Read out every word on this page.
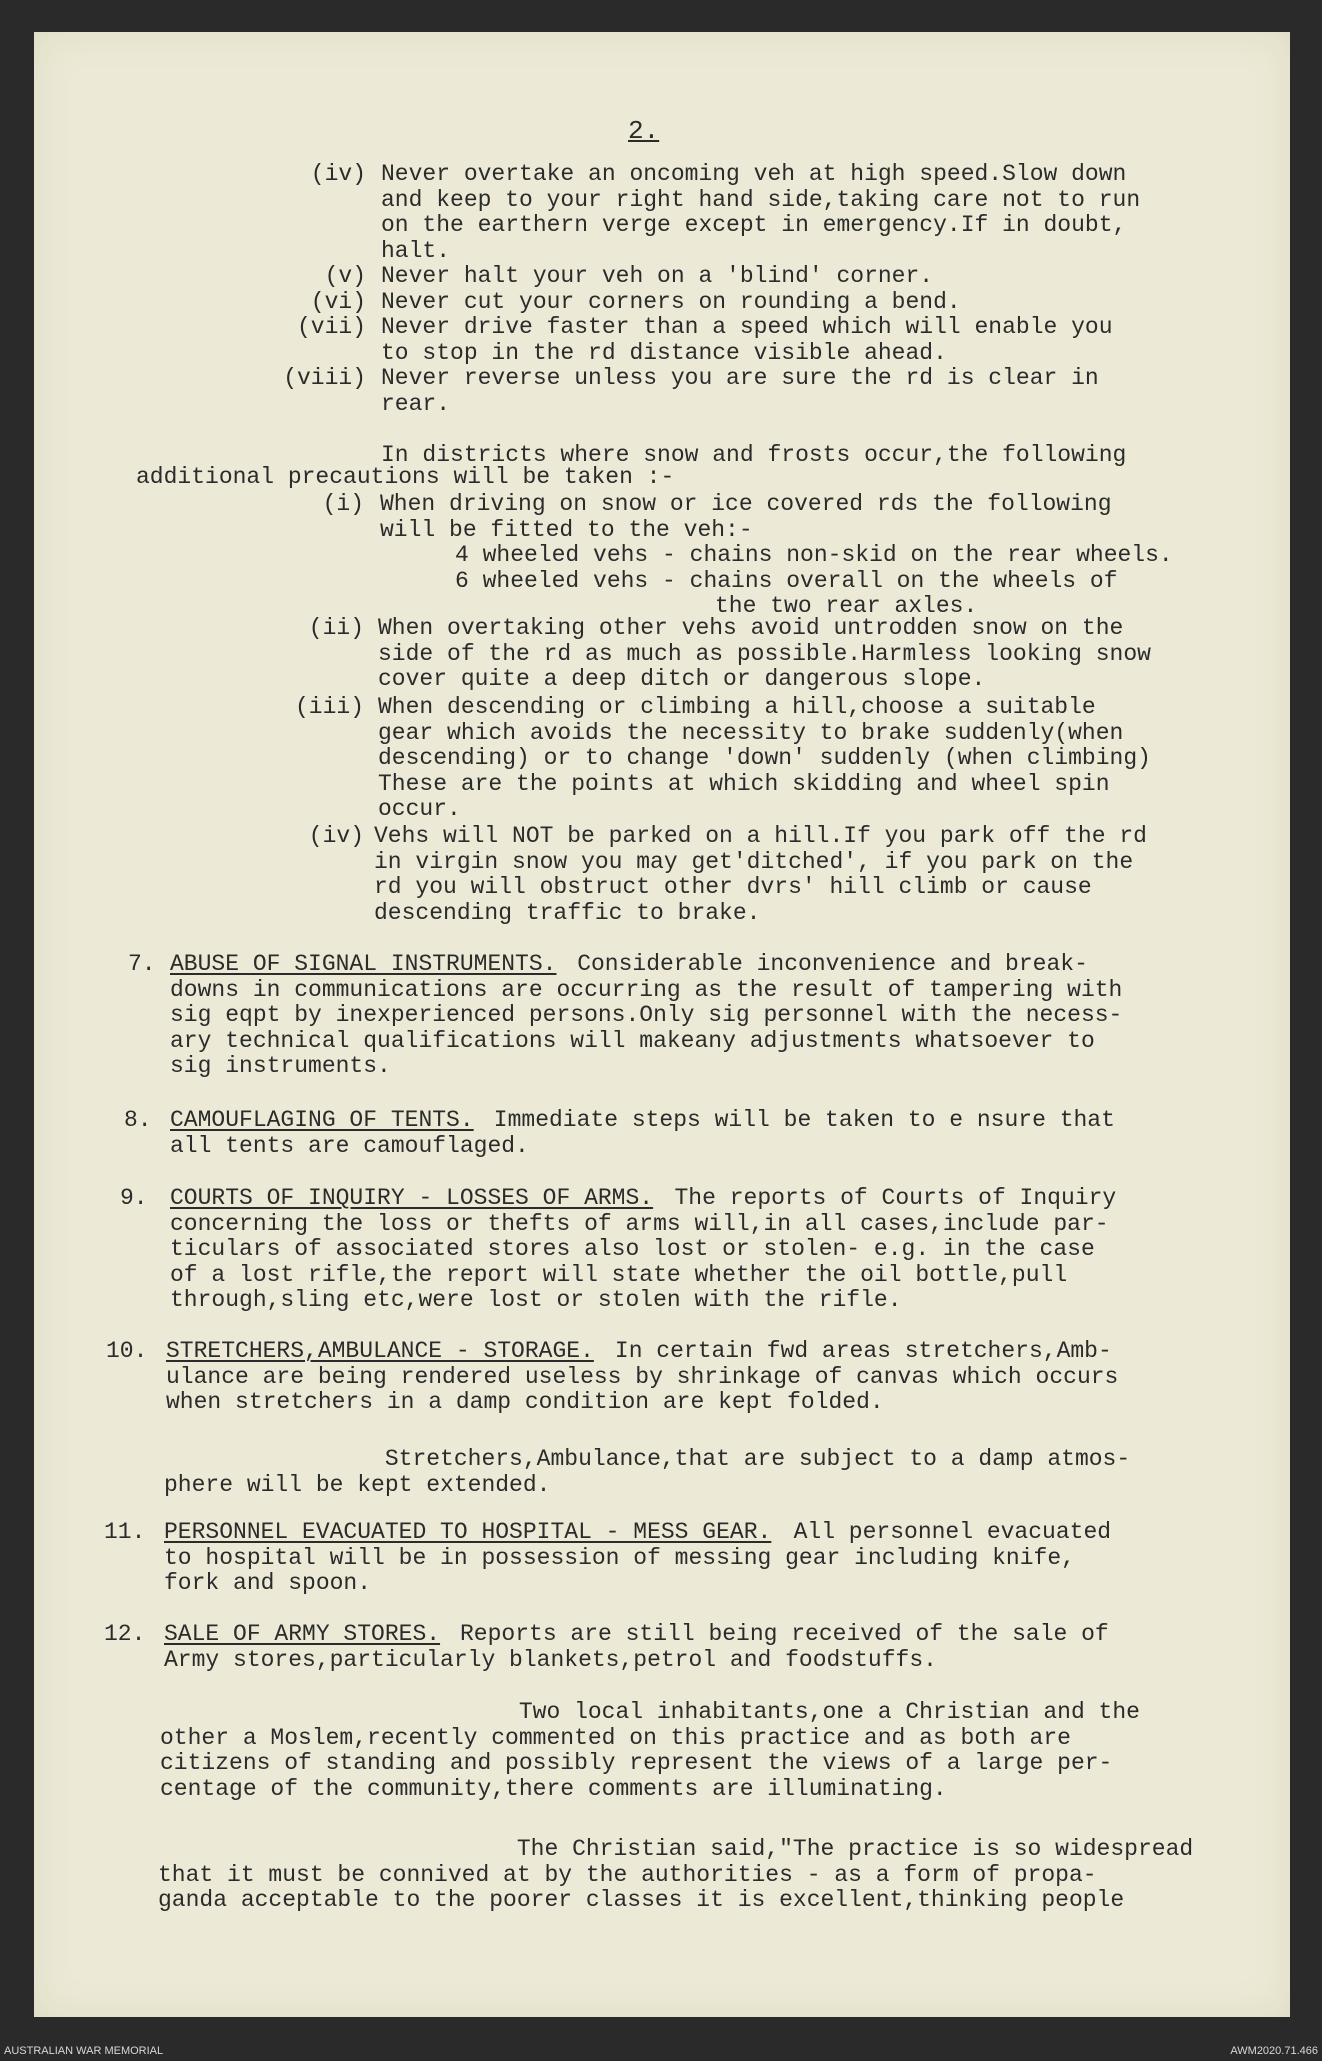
2.
(iv) Never overtake an oncoming veh at high speed.Slow down
and keep to your right hand side,taking care not to run
on the earthern verge except in emergency.If in doubt,
halt.
(v) Never halt your veh on a 'blind' corner.
(vi) Never cut your corners on rounding a bend.
(vii) Never drive faster than a speed which will enable you
to stop in the rd distance visible ahead.
(viii) Never reverse unless you are sure the rd is clear in
rear.
In districts where snow and frosts occur,the following
additional precautions will be taken :-
(i) When driving on snow or ice covered rds the following
will be fitted to the veh:-
4 wheeled vehs - chains non-skid on the rear wheels.
6 wheeled vehs - chains overall on the wheels of
the two rear axles.
(ii) When overtaking other vehs avoid untrodden snow on the
side of the rd as much as possible.Harmless looking snow
cover quite a deep ditch or dangerous slope.
(iii) When descending or climbing a hill,choose a suitable
gear which avoids the necessity to brake suddenly(when
descending) or to change 'down' suddenly (when climbing)
These are the points at which skidding and wheel spin
occur.
(iv) Vehs will NOT be parked on a hill.If you park off the rd
in virgin snow you may get'ditched', if you park on the
rd you will obstruct other dvrs' hill climb or cause
descending traffic to brake.
7. ABUSE OF SIGNAL INSTRUMENTS. Considerable inconvenience and break-
downs in communications are occurring as the result of tampering with
sig eqpt by inexperienced persons.Only sig personnel with the necess-
ary technical qualifications will makeany adjustments whatsoever to
sig instruments.
8. CAMOUFLAGING OF TENTS. Immediate steps will be taken to e nsure that
all tents are camouflaged.
9. COURTS OF INQUIRY - LOSSES OF ARMS. The reports of Courts of Inquiry
concerning the loss or thefts of arms will,in all cases,include par-
ticulars of associated stores also lost or stolen- e.g. in the case
of a lost rifle,the report will state whether the oil bottle,pull
through,sling etc,were lost or stolen with the rifle.
10. STRETCHERS,AMBULANCE - STORAGE. In certain fwd areas stretchers,Amb-
ulance are being rendered useless by shrinkage of canvas which occurs
when stretchers in a damp condition are kept folded.
Stretchers,Ambulance,that are subject to a damp atmos-
phere will be kept extended.
11. PERSONNEL EVACUATED TO HOSPITAL - MESS GEAR. All personnel evacuated
to hospital will be in possession of messing gear including knife,
fork and spoon.
12. SALE OF ARMY STORES. Reports are still being received of the sale of
Army stores,particularly blankets,petrol and foodstuffs.
Two local inhabitants,one a Christian and the
other a Moslem,recently commented on this practice and as both are
citizens of standing and possibly represent the views of a large per-
centage of the community,there comments are illuminating.
The Christian said,"The practice is so widespread
that it must be connived at by the authorities - as a form of propa-
ganda acceptable to the poorer classes it is excellent,thinking people
AUSTRALIAN WAR MEMORIAL	AWM2020.71.466
